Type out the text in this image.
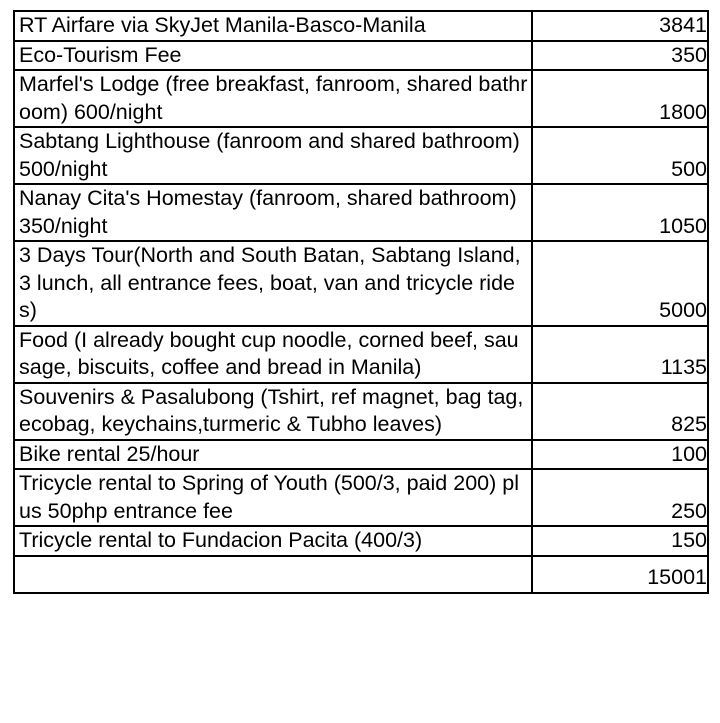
RT Airfare via SkyJet Manila-Basco-Manila	3841
Eco-Tourism Fee	350
Marfel's Lodge (free breakfast, fanroom, shared bathroom) 600/night	1800
Sabtang Lighthouse (fanroom and shared bathroom) 500/night	500
Nanay Cita's Homestay (fanroom, shared bathroom) 350/night	1050
3 Days Tour(North and South Batan, Sabtang Island, 3 lunch, all entrance fees, boat, van and tricycle rides)	5000
Food (I already bought cup noodle, corned beef, sausage, biscuits, coffee and bread in Manila)	1135
Souvenirs & Pasalubong (Tshirt, ref magnet, bag tag, ecobag, keychains,turmeric & Tubho leaves)	825
Bike rental 25/hour	100
Tricycle rental to Spring of Youth (500/3, paid 200) plus 50php entrance fee	250
Tricycle rental to Fundacion Pacita (400/3)	150
	15001
